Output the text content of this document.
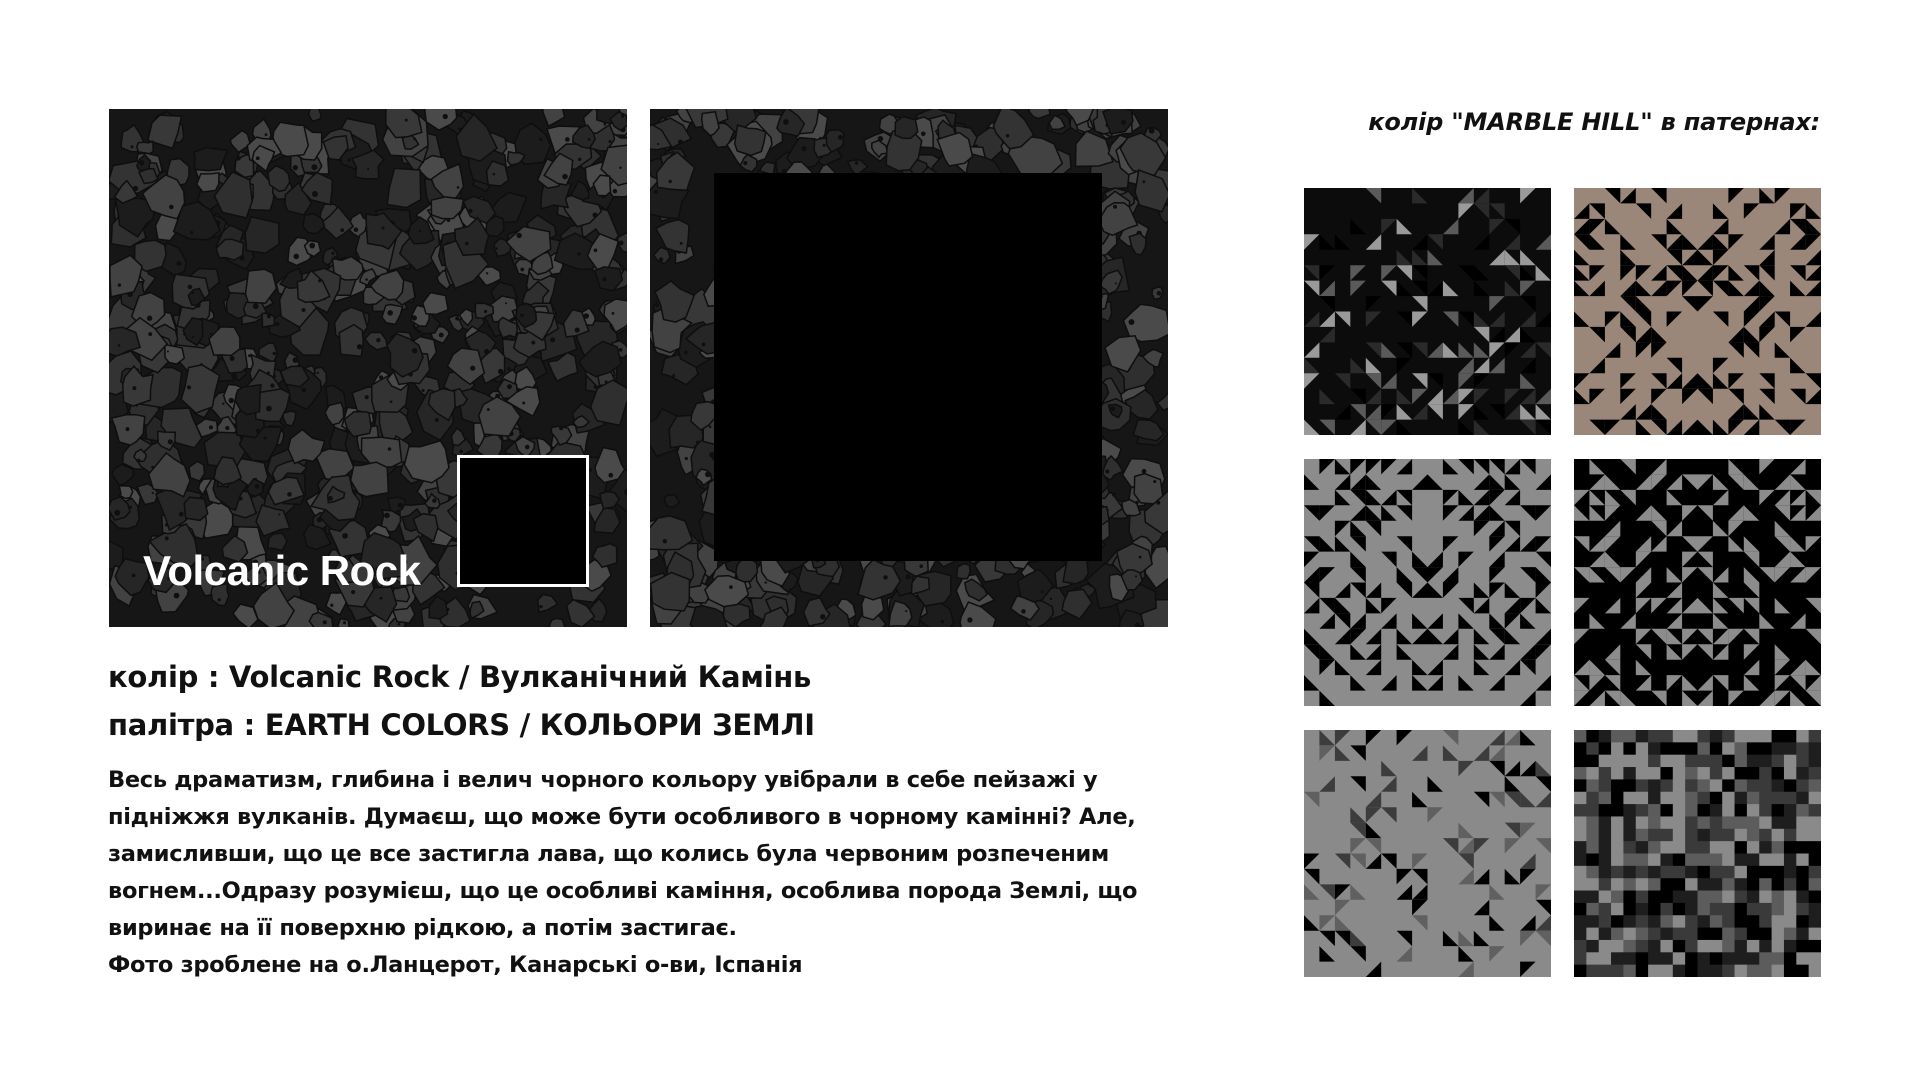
Volcanic Rock
колір : Volcanic Rock / Вулканічний Камінь
палітра : EARTH COLORS / КОЛЬОРИ ЗЕМЛІ
Весь драматизм, глибина і велич чорного кольору увібрали в себе пейзажі у
підніжжя вулканів. Думаєш, що може бути особливого в чорному камінні? Але,
замисливши, що це все застигла лава, що колись була червоним розпеченим
вогнем...Одразу розумієш, що це особливі каміння, особлива порода Землі, що
виринає на її поверхню рідкою, а потім застигає.
Фото зроблене на о.Ланцерот, Канарські о-ви, Іспанія
колір "MARBLE HILL" в патернах:
